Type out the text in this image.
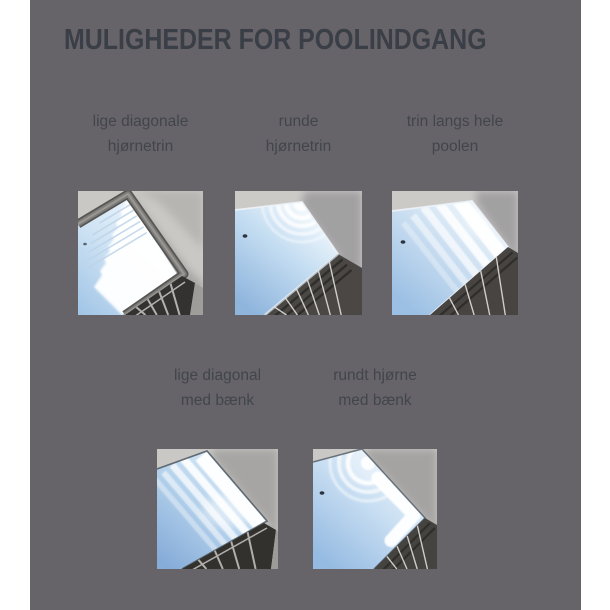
MULIGHEDER FOR POOLINDGANG
lige diagonale
hjørnetrin
runde
hjørnetrin
trin langs hele
poolen
lige diagonal
med bænk
rundt hjørne
med bænk
